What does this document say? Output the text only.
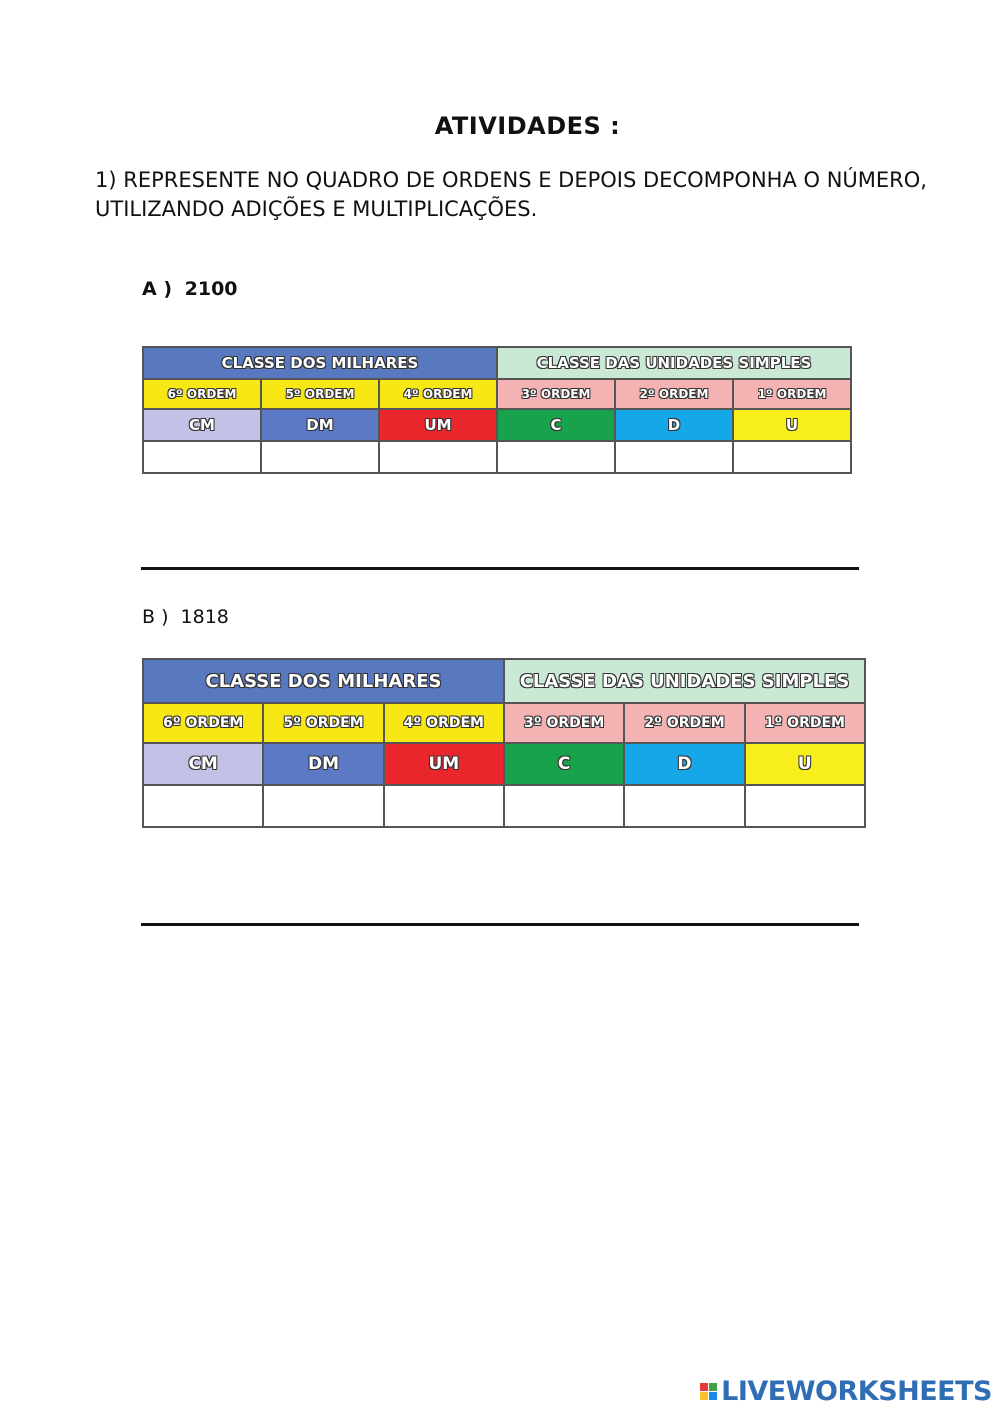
ATIVIDADES :
1) REPRESENTE NO QUADRO DE ORDENS E DEPOIS DECOMPONHA O NÚMERO,
UTILIZANDO ADIÇÕES E MULTIPLICAÇÕES.
A ) 2100
CLASSE DOS MILHARES			CLASSE DAS UNIDADES SIMPLES		
6º ORDEM	5º ORDEM	4º ORDEM	3º ORDEM	2º ORDEM	1º ORDEM
CM	DM	UM	C	D	U

B ) 1818
CLASSE DOS MILHARES			CLASSE DAS UNIDADES SIMPLES		
6º ORDEM	5º ORDEM	4º ORDEM	3º ORDEM	2º ORDEM	1º ORDEM
CM	DM	UM	C	D	U

LIVEWORKSHEETS
